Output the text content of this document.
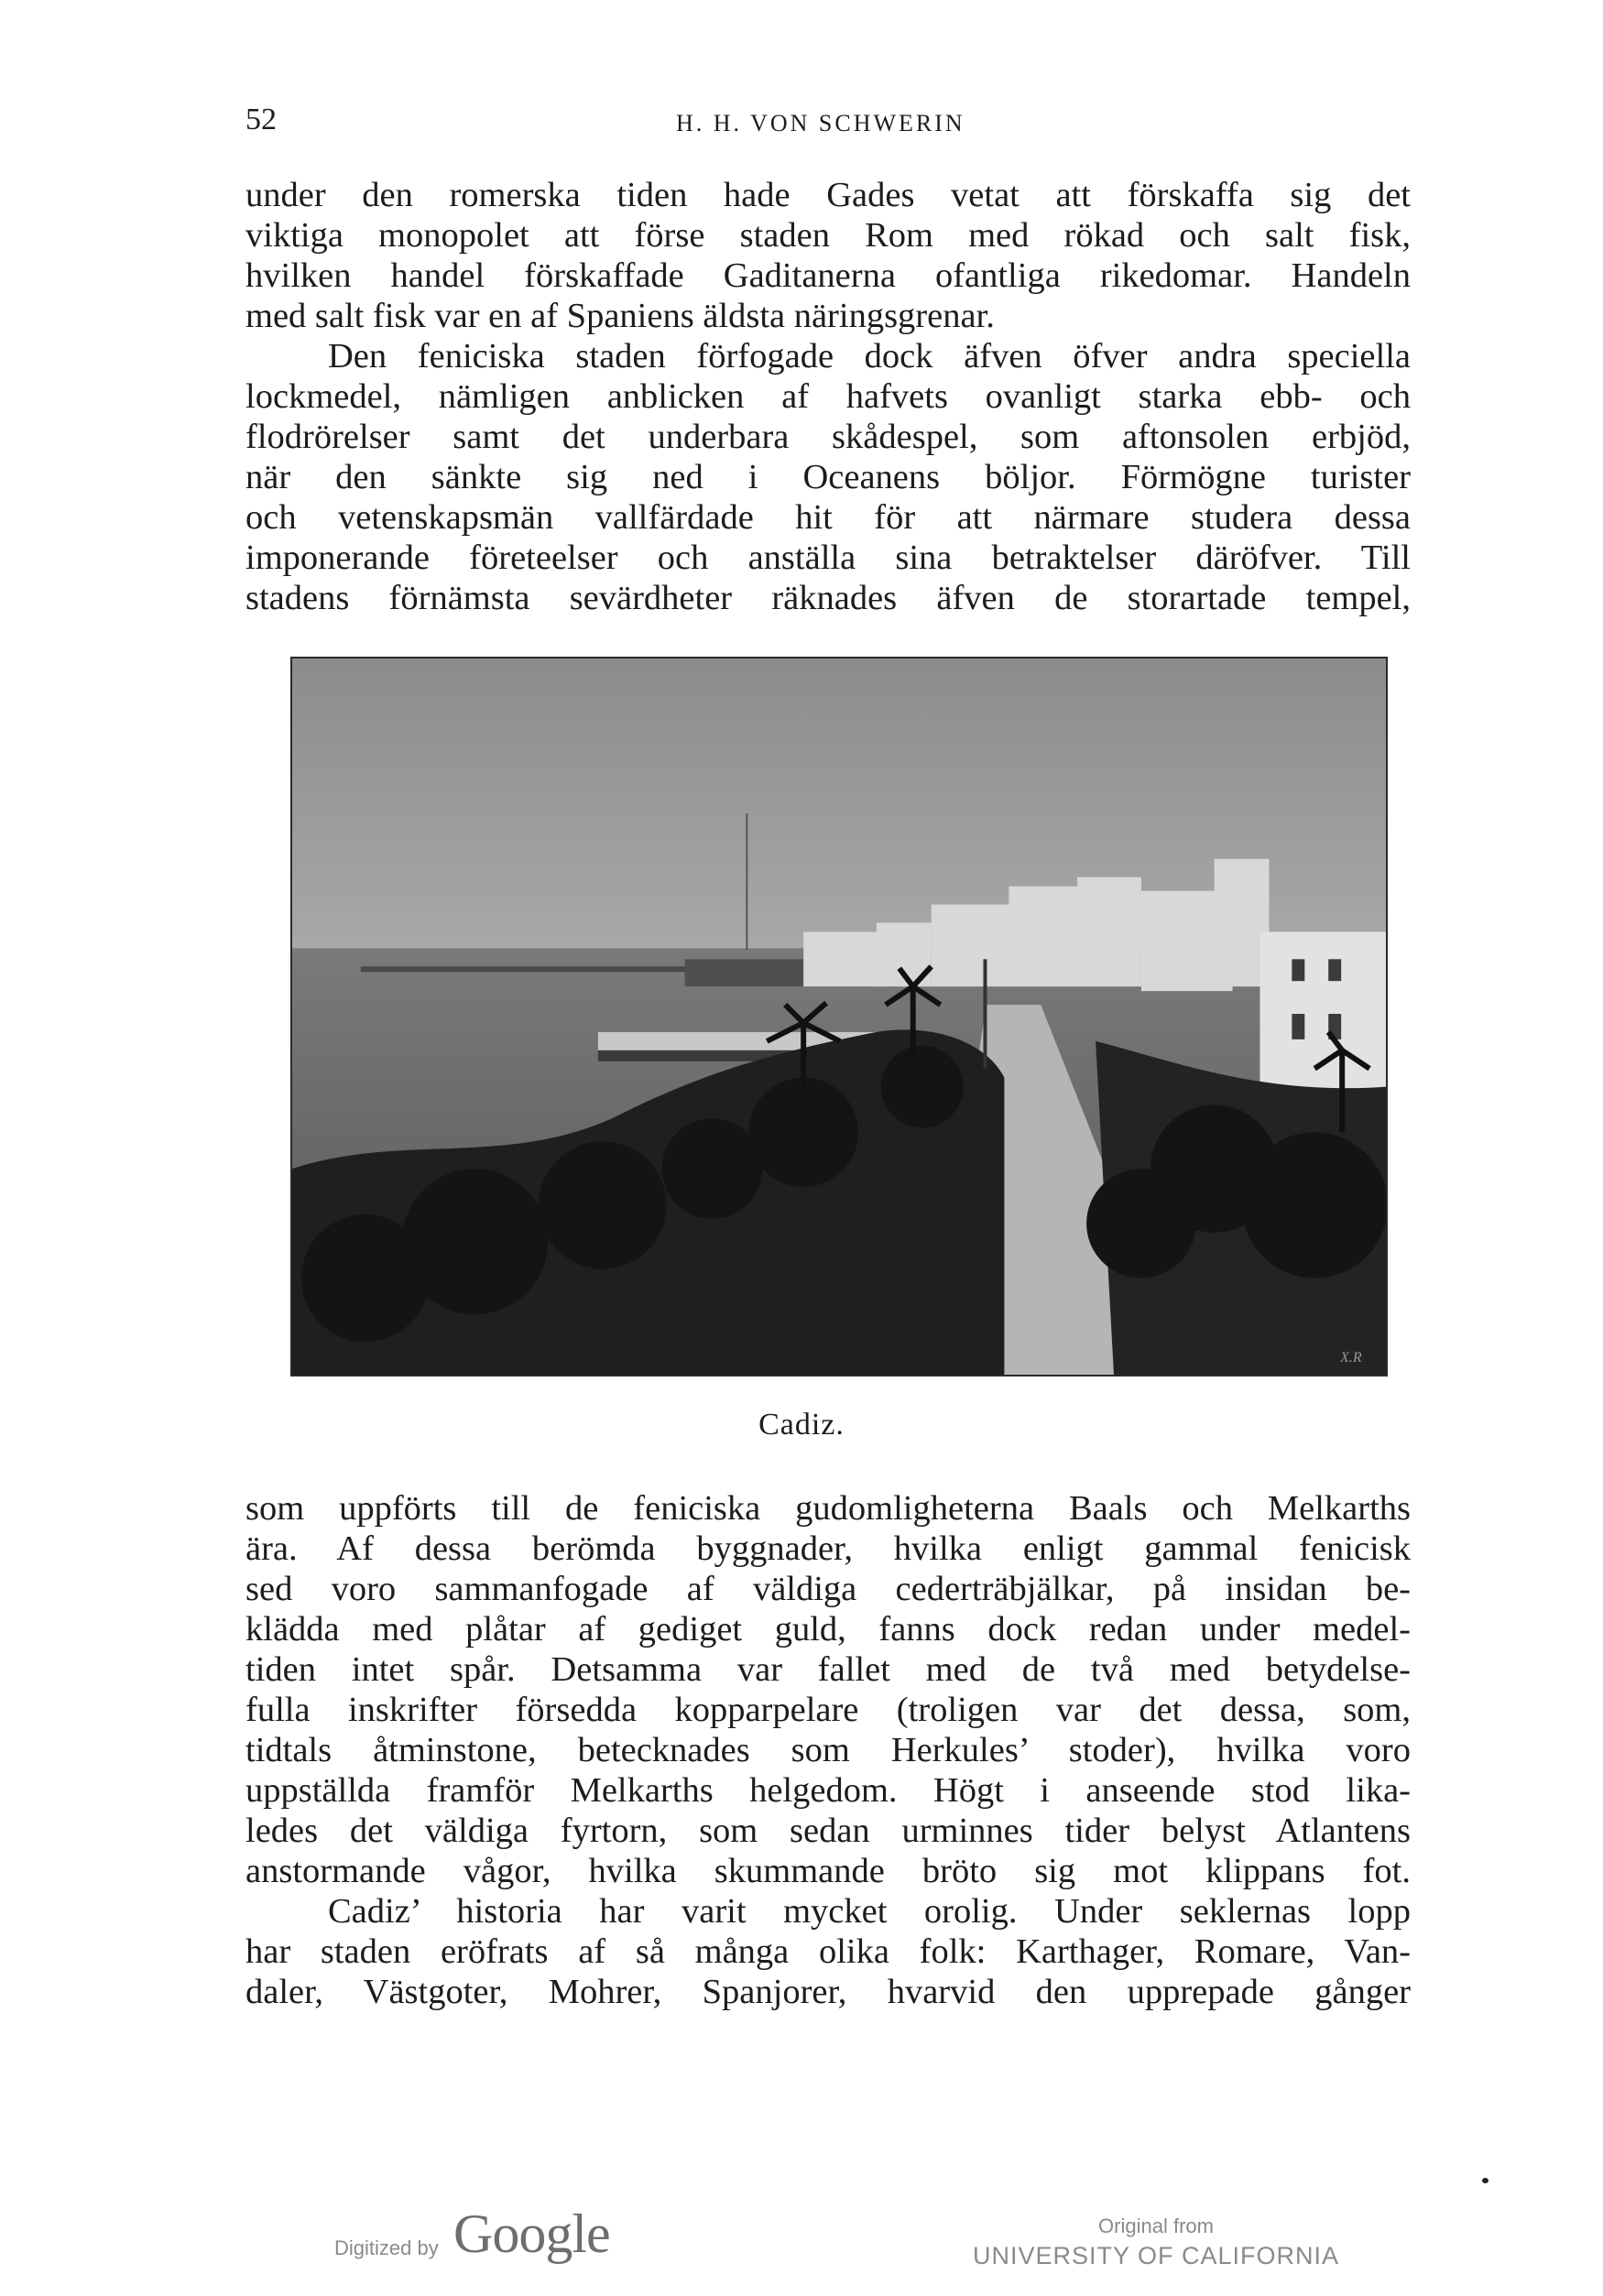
52	H. H. VON SCHWERIN
under den romerska tiden hade Gades vetat att förskaffa sig det
viktiga monopolet att förse staden Rom med rökad och salt fisk,
hvilken handel förskaffade Gaditanerna ofantliga rikedomar. Handeln
med salt fisk var en af Spaniens äldsta näringsgrenar.
Den feniciska staden förfogade dock äfven öfver andra speciella
lockmedel, nämligen anblicken af hafvets ovanligt starka ebb- och
flodrörelser samt det underbara skådespel, som aftonsolen erbjöd,
när den sänkte sig ned i Oceanens böljor. Förmögne turister
och vetenskapsmän vallfärdade hit för att närmare studera dessa
imponerande företeelser och anställa sina betraktelser däröfver. Till
stadens förnämsta sevärdheter räknades äfven de storartade tempel,
X.R
Cadiz.
som uppförts till de feniciska gudomligheterna Baals och Melkarths
ära. Af dessa berömda byggnader, hvilka enligt gammal fenicisk
sed voro sammanfogade af väldiga cederträbjälkar, på insidan be-
klädda med plåtar af gediget guld, fanns dock redan under medel-
tiden intet spår. Detsamma var fallet med de två med betydelse-
fulla inskrifter försedda kopparpelare (troligen var det dessa, som,
tidtals åtminstone, betecknades som Herkules’ stoder), hvilka voro
uppställda framför Melkarths helgedom. Högt i anseende stod lika-
ledes det väldiga fyrtorn, som sedan urminnes tider belyst Atlantens
anstormande vågor, hvilka skummande bröto sig mot klippans fot.
Cadiz’ historia har varit mycket orolig. Under seklernas lopp
har staden eröfrats af så många olika folk: Karthager, Romare, Van-
daler, Västgoter, Mohrer, Spanjorer, hvarvid den upprepade gånger
Digitized by Google	Original from
UNIVERSITY OF CALIFORNIA
